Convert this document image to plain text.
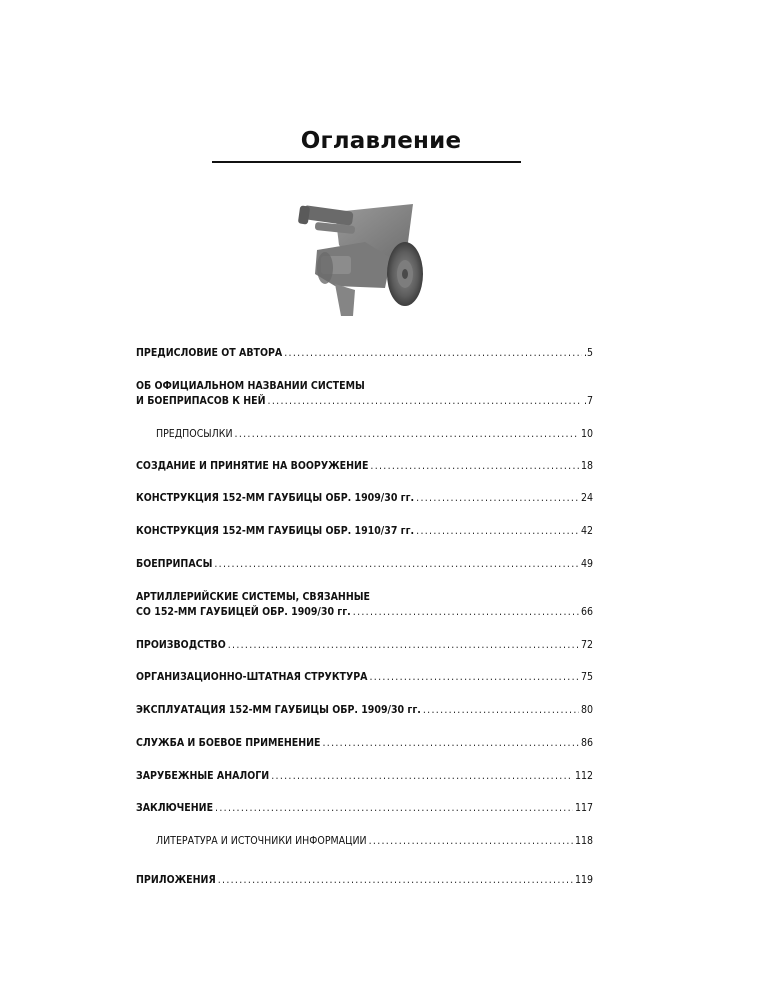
Оглавление
ПРЕДИСЛОВИЕ ОТ АВТОРА .....	.5
ОБ ОФИЦИАЛЬНОМ НАЗВАНИИ СИСТЕМЫ
И БОЕПРИПАСОВ К НЕЙ .....	.7
ПРЕДПОСЫЛКИ .....	10
СОЗДАНИЕ И ПРИНЯТИЕ НА ВООРУЖЕНИЕ .....	18
КОНСТРУКЦИЯ 152-ММ ГАУБИЦЫ ОБР. 1909/30 гг. .....	24
КОНСТРУКЦИЯ 152-ММ ГАУБИЦЫ ОБР. 1910/37 гг. .....	42
БОЕПРИПАСЫ .....	49
АРТИЛЛЕРИЙСКИЕ СИСТЕМЫ, СВЯЗАННЫЕ
СО 152-ММ ГАУБИЦЕЙ ОБР. 1909/30 гг. .....	66
ПРОИЗВОДСТВО .....	72
ОРГАНИЗАЦИОННО-ШТАТНАЯ СТРУКТУРА .....	75
ЭКСПЛУАТАЦИЯ 152-ММ ГАУБИЦЫ ОБР. 1909/30 гг. .....	80
СЛУЖБА И БОЕВОЕ ПРИМЕНЕНИЕ .....	86
ЗАРУБЕЖНЫЕ АНАЛОГИ .....	112
ЗАКЛЮЧЕНИЕ .....	117
ЛИТЕРАТУРА И ИСТОЧНИКИ ИНФОРМАЦИИ .....	118
ПРИЛОЖЕНИЯ .....	119
